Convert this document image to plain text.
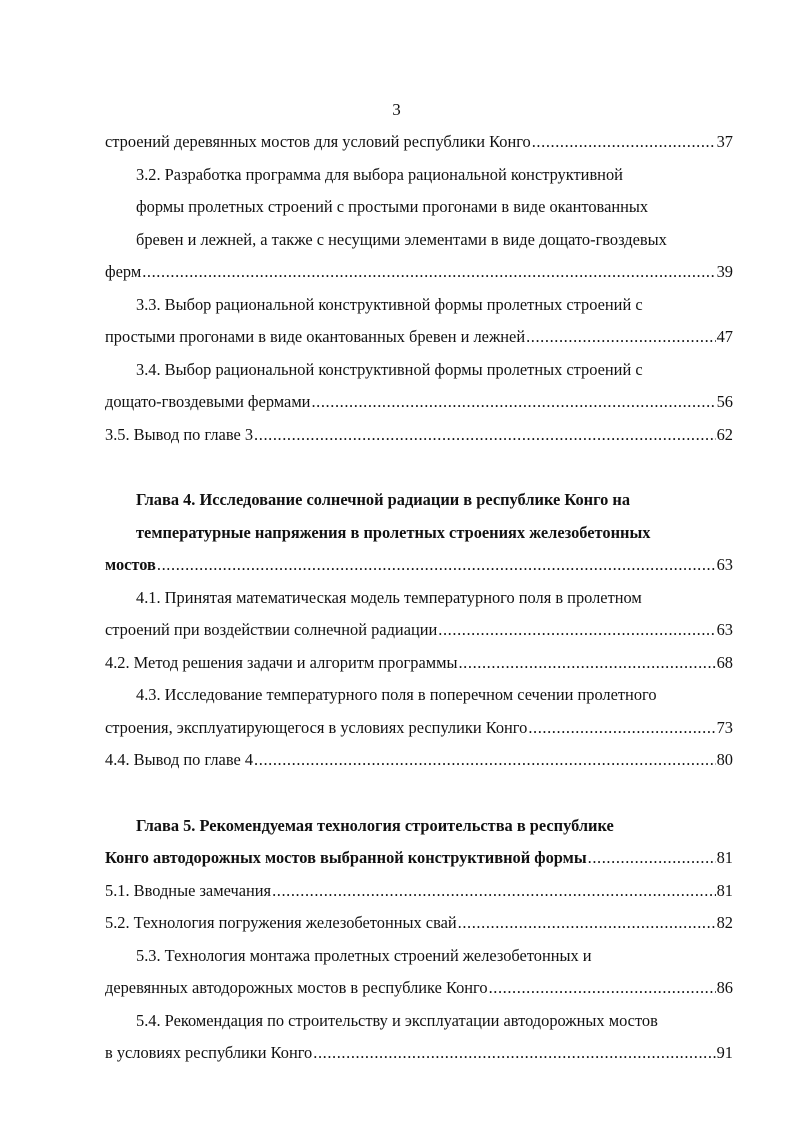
3
строений деревянных мостов для условий республики Конго .....	37
3.2. Разработка программа для выбора рациональной конструктивной
формы пролетных строений с простыми прогонами в виде окантованных
бревен и лежней, а также с несущими элементами в виде дощато-гвоздевых
ферм .....	39
3.3. Выбор рациональной конструктивной формы пролетных строений с
простыми прогонами в виде окантованных бревен и лежней .....	47
3.4. Выбор рациональной конструктивной формы пролетных строений с
дощато-гвоздевыми фермами .....	56
3.5. Вывод по главе 3 .....	62
Глава 4. Исследование солнечной радиации в республике Конго на
температурные напряжения в пролетных строениях железобетонных
мостов .....	63
4.1. Принятая математическая модель температурного поля в пролетном
строений при воздействии солнечной радиации .....	63
4.2. Метод решения задачи и алгоритм программы .....	68
4.3. Исследование температурного поля в поперечном сечении пролетного
строения, эксплуатирующегося в условиях респулики Конго .....	73
4.4. Вывод по главе 4 .....	80
Глава 5. Рекомендуемая технология строительства в республике
Конго автодорожных мостов выбранной конструктивной формы .....	81
5.1. Вводные замечания .....	81
5.2. Технология погружения железобетонных свай .....	82
5.3. Технология монтажа пролетных строений железобетонных и
деревянных автодорожных мостов в республике Конго .....	86
5.4. Рекомендация по строительству и эксплуатации автодорожных мостов
в условиях республики Конго .....	91
